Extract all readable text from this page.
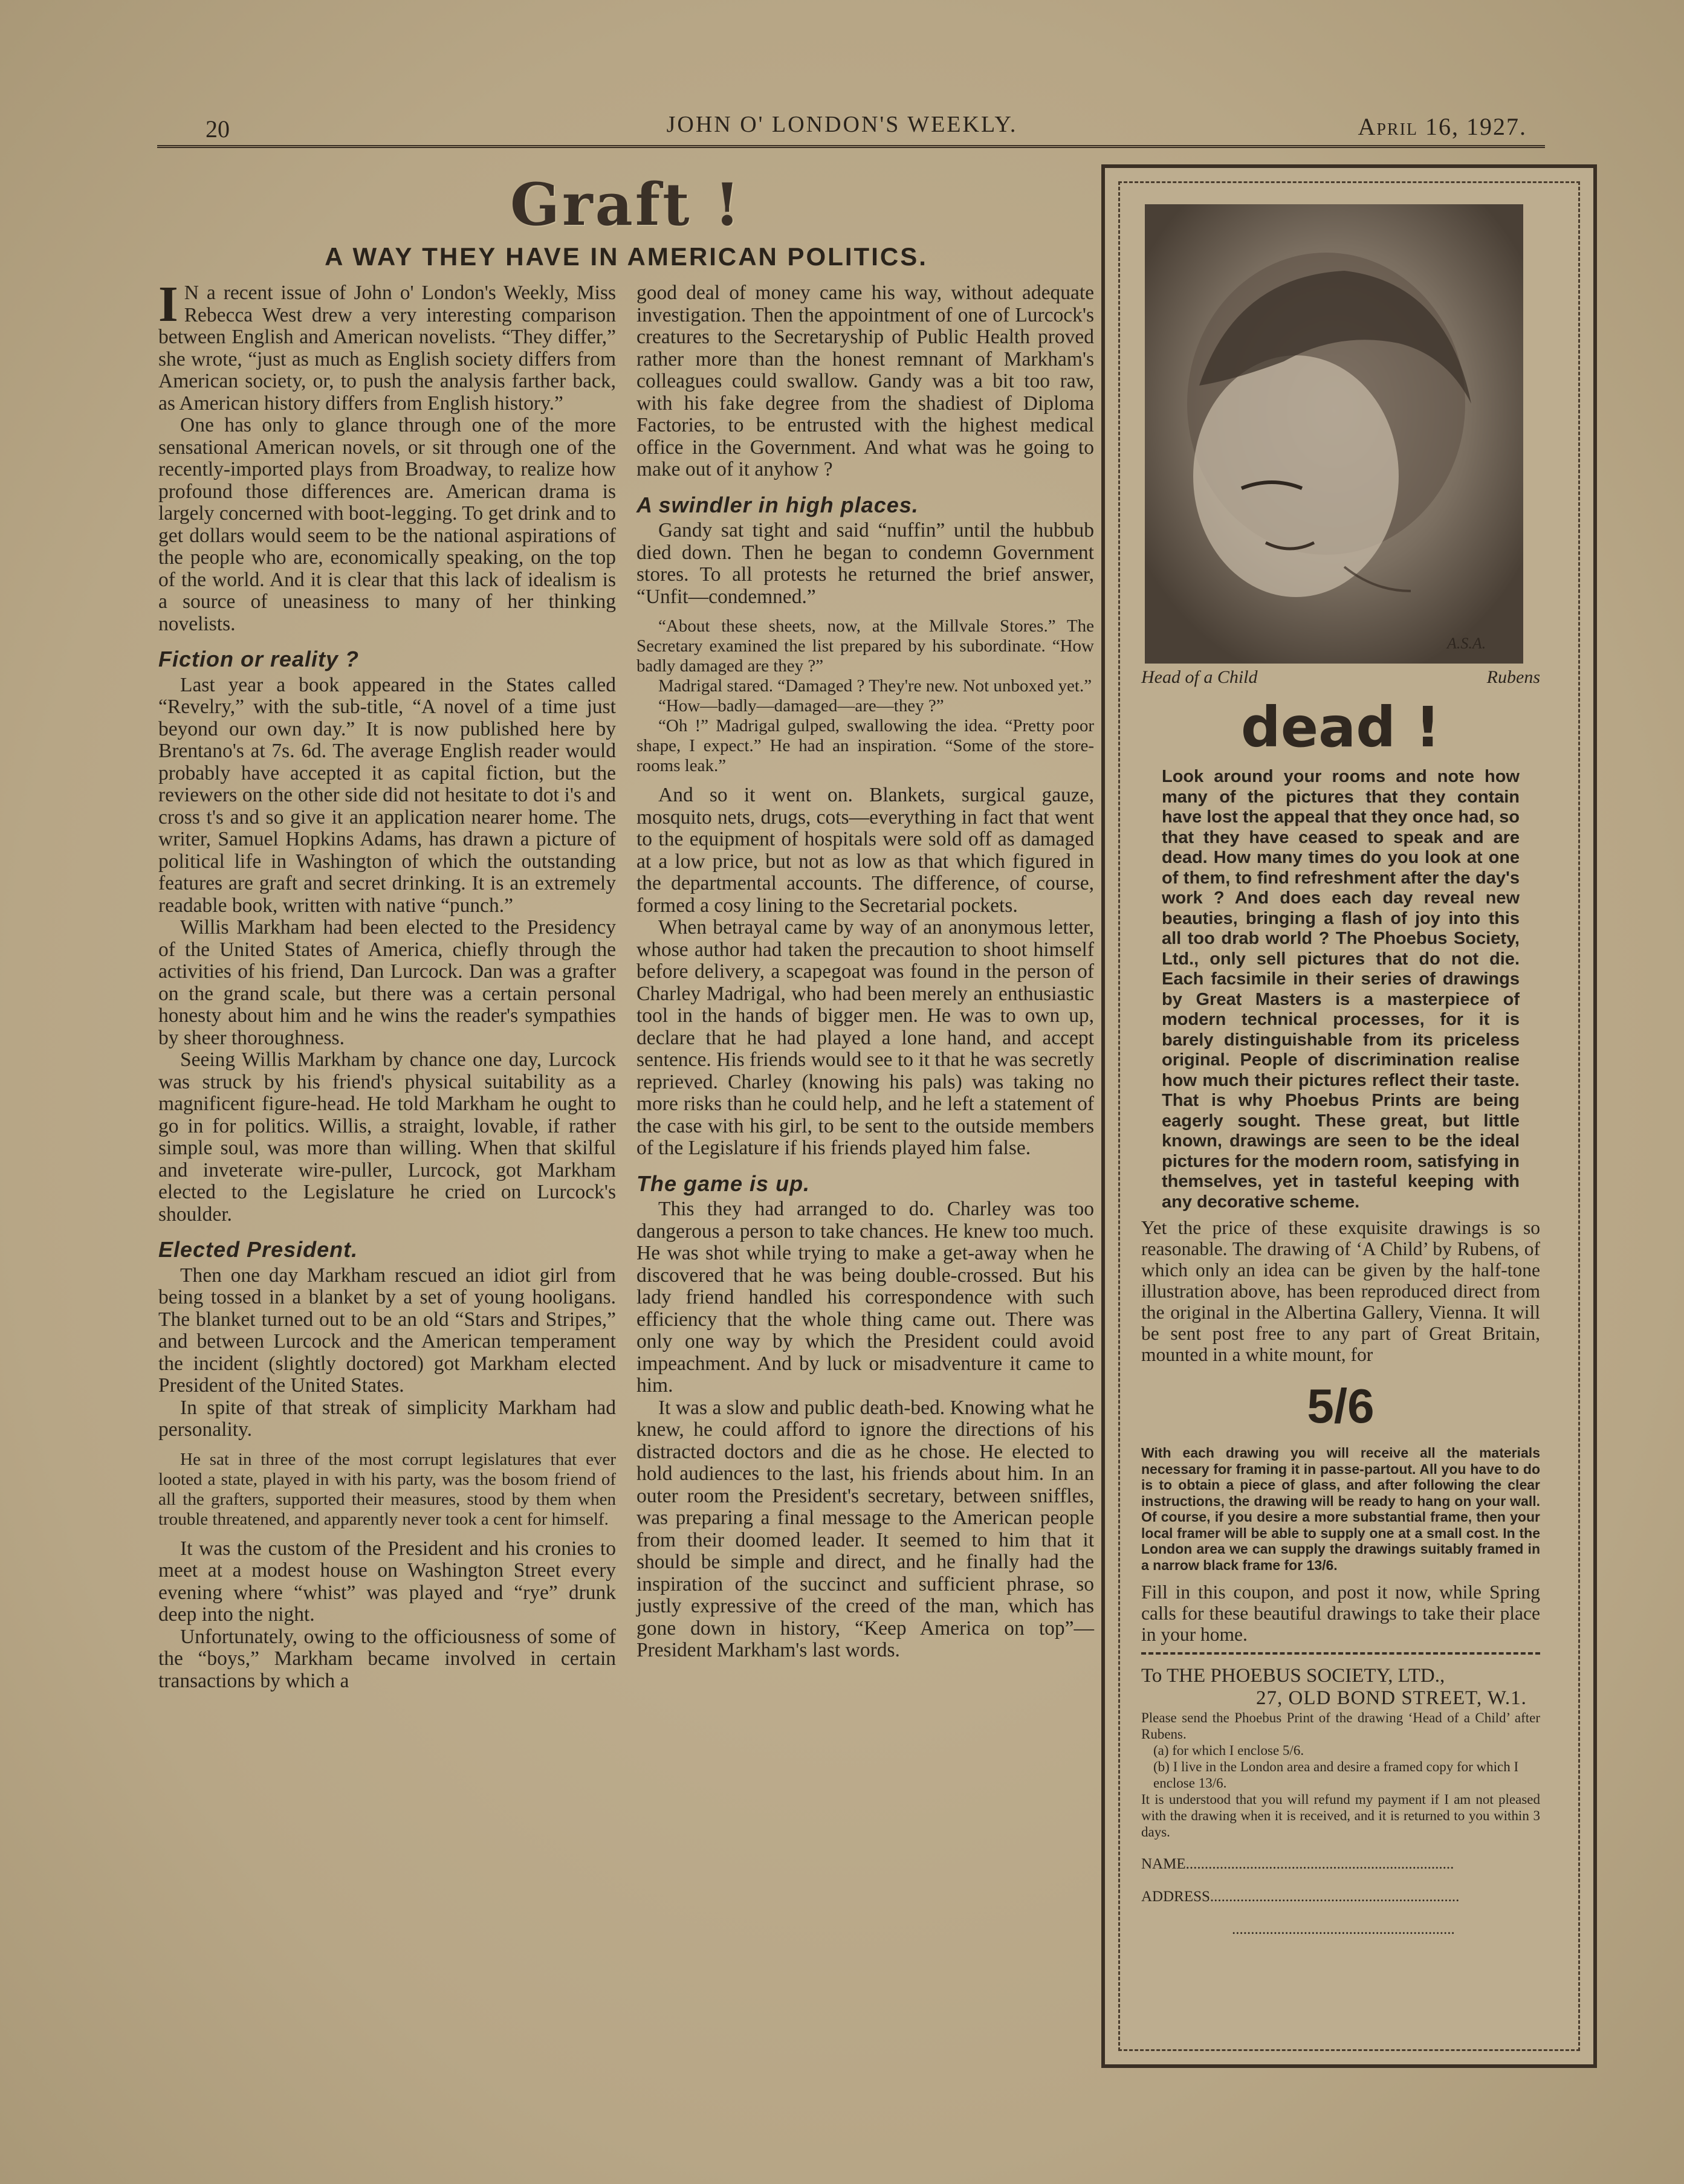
20	JOHN O' LONDON'S WEEKLY.	April 16, 1927.
Graft !
A WAY THEY HAVE IN AMERICAN POLITICS.

I N a recent issue of John o' London's Weekly, Miss Rebecca West drew a very interesting comparison between English and American novelists. “They differ,” she wrote, “just as much as English society differs from American society, or, to push the analysis farther back, as American history differs from English history.”

One has only to glance through one of the more sensational American novels, or sit through one of the recently-imported plays from Broadway, to realize how profound those differences are. American drama is largely concerned with boot-legging. To get drink and to get dollars would seem to be the national aspirations of the people who are, economically speaking, on the top of the world. And it is clear that this lack of idealism is a source of uneasiness to many of her thinking novelists.

Fiction or reality ?

Last year a book appeared in the States called “Revelry,” with the sub-title, “A novel of a time just beyond our own day.” It is now published here by Brentano's at 7s. 6d. The average English reader would probably have accepted it as capital fiction, but the reviewers on the other side did not hesitate to dot i's and cross t's and so give it an application nearer home. The writer, Samuel Hopkins Adams, has drawn a picture of political life in Washington of which the outstanding features are graft and secret drinking. It is an extremely readable book, written with native “punch.”

Willis Markham had been elected to the Presidency of the United States of America, chiefly through the activities of his friend, Dan Lurcock. Dan was a grafter on the grand scale, but there was a certain personal honesty about him and he wins the reader's sympathies by sheer thoroughness.

Seeing Willis Markham by chance one day, Lurcock was struck by his friend's physical suitability as a magnificent figure-head. He told Markham he ought to go in for politics. Willis, a straight, lovable, if rather simple soul, was more than willing. When that skilful and inveterate wire-puller, Lurcock, got Markham elected to the Legislature he cried on Lurcock's shoulder.

Elected President.

Then one day Markham rescued an idiot girl from being tossed in a blanket by a set of young hooligans. The blanket turned out to be an old “Stars and Stripes,” and between Lurcock and the American temperament the incident (slightly doctored) got Markham elected President of the United States.

In spite of that streak of simplicity Markham had personality.

He sat in three of the most corrupt legislatures that ever looted a state, played in with his party, was the bosom friend of all the grafters, supported their measures, stood by them when trouble threatened, and apparently never took a cent for himself.

It was the custom of the President and his cronies to meet at a modest house on Washington Street every evening where “whist” was played and “rye” drunk deep into the night.

Unfortunately, owing to the officiousness of some of the “boys,” Markham became involved in certain transactions by which a

good deal of money came his way, without adequate investigation. Then the appointment of one of Lurcock's creatures to the Secretaryship of Public Health proved rather more than the honest remnant of Markham's colleagues could swallow. Gandy was a bit too raw, with his fake degree from the shadiest of Diploma Factories, to be entrusted with the highest medical office in the Government. And what was he going to make out of it anyhow ?

A swindler in high places.

Gandy sat tight and said “nuffin” until the hubbub died down. Then he began to condemn Government stores. To all protests he returned the brief answer, “Unfit—condemned.”

“About these sheets, now, at the Millvale Stores.” The Secretary examined the list prepared by his subordinate. “How badly damaged are they ?”

Madrigal stared. “Damaged ? They're new. Not unboxed yet.”

“How—badly—damaged—are—they ?”

“Oh !” Madrigal gulped, swallowing the idea. “Pretty poor shape, I expect.” He had an inspiration. “Some of the store-rooms leak.”

And so it went on. Blankets, surgical gauze, mosquito nets, drugs, cots—everything in fact that went to the equipment of hospitals were sold off as damaged at a low price, but not as low as that which figured in the departmental accounts. The difference, of course, formed a cosy lining to the Secretarial pockets.

When betrayal came by way of an anonymous letter, whose author had taken the precaution to shoot himself before delivery, a scapegoat was found in the person of Charley Madrigal, who had been merely an enthusiastic tool in the hands of bigger men. He was to own up, declare that he had played a lone hand, and accept sentence. His friends would see to it that he was secretly reprieved. Charley (knowing his pals) was taking no more risks than he could help, and he left a statement of the case with his girl, to be sent to the outside members of the Legislature if his friends played him false.

The game is up.

This they had arranged to do. Charley was too dangerous a person to take chances. He knew too much. He was shot while trying to make a get-away when he discovered that he was being double-crossed. But his lady friend handled his correspondence with such efficiency that the whole thing came out. There was only one way by which the President could avoid impeachment. And by luck or misadventure it came to him.

It was a slow and public death-bed. Knowing what he knew, he could afford to ignore the directions of his distracted doctors and die as he chose. He elected to hold audiences to the last, his friends about him. In an outer room the President's secretary, between sniffles, was preparing a final message to the American people from their doomed leader. It seemed to him that it should be simple and direct, and he finally had the inspiration of the succinct and sufficient phrase, so justly expressive of the creed of the man, which has gone down in history, “Keep America on top”—President Markham's last words.

A.S.A.
Head of a Child	Rubens
dead !
Look around your rooms and note how many of the pictures that they contain have lost the appeal that they once had, so that they have ceased to speak and are dead. How many times do you look at one of them, to find refreshment after the day's work ? And does each day reveal new beauties, bringing a flash of joy into this all too drab world ? The Phoebus Society, Ltd., only sell pictures that do not die. Each facsimile in their series of drawings by Great Masters is a masterpiece of modern technical processes, for it is barely distinguishable from its priceless original. People of discrimination realise how much their pictures reflect their taste. That is why Phoebus Prints are being eagerly sought. These great, but little known, drawings are seen to be the ideal pictures for the modern room, satisfying in themselves, yet in tasteful keeping with any decorative scheme.
Yet the price of these exquisite drawings is so reasonable. The drawing of ‘A Child’ by Rubens, of which only an idea can be given by the half-tone illustration above, has been reproduced direct from the original in the Albertina Gallery, Vienna. It will be sent post free to any part of Great Britain, mounted in a white mount, for
5/6
With each drawing you will receive all the materials necessary for framing it in passe-partout. All you have to do is to obtain a piece of glass, and after following the clear instructions, the drawing will be ready to hang on your wall. Of course, if you desire a more substantial frame, then your local framer will be able to supply one at a small cost. In the London area we can supply the drawings suitably framed in a narrow black frame for 13/6.
Fill in this coupon, and post it now, while Spring calls for these beautiful drawings to take their place in your home.
To THE PHOEBUS SOCIETY, LTD.,
27, OLD BOND STREET, W.1.
Please send the Phoebus Print of the drawing ‘Head of a Child’ after Rubens.
(a) for which I enclose 5/6.
(b) I live in the London area and desire a framed copy for which I enclose 13/6.
It is understood that you will refund my payment if I am not pleased with the drawing when it is received, and it is returned to you within 3 days.
NAME.......................................................................
ADDRESS..................................................................
...........................................................
